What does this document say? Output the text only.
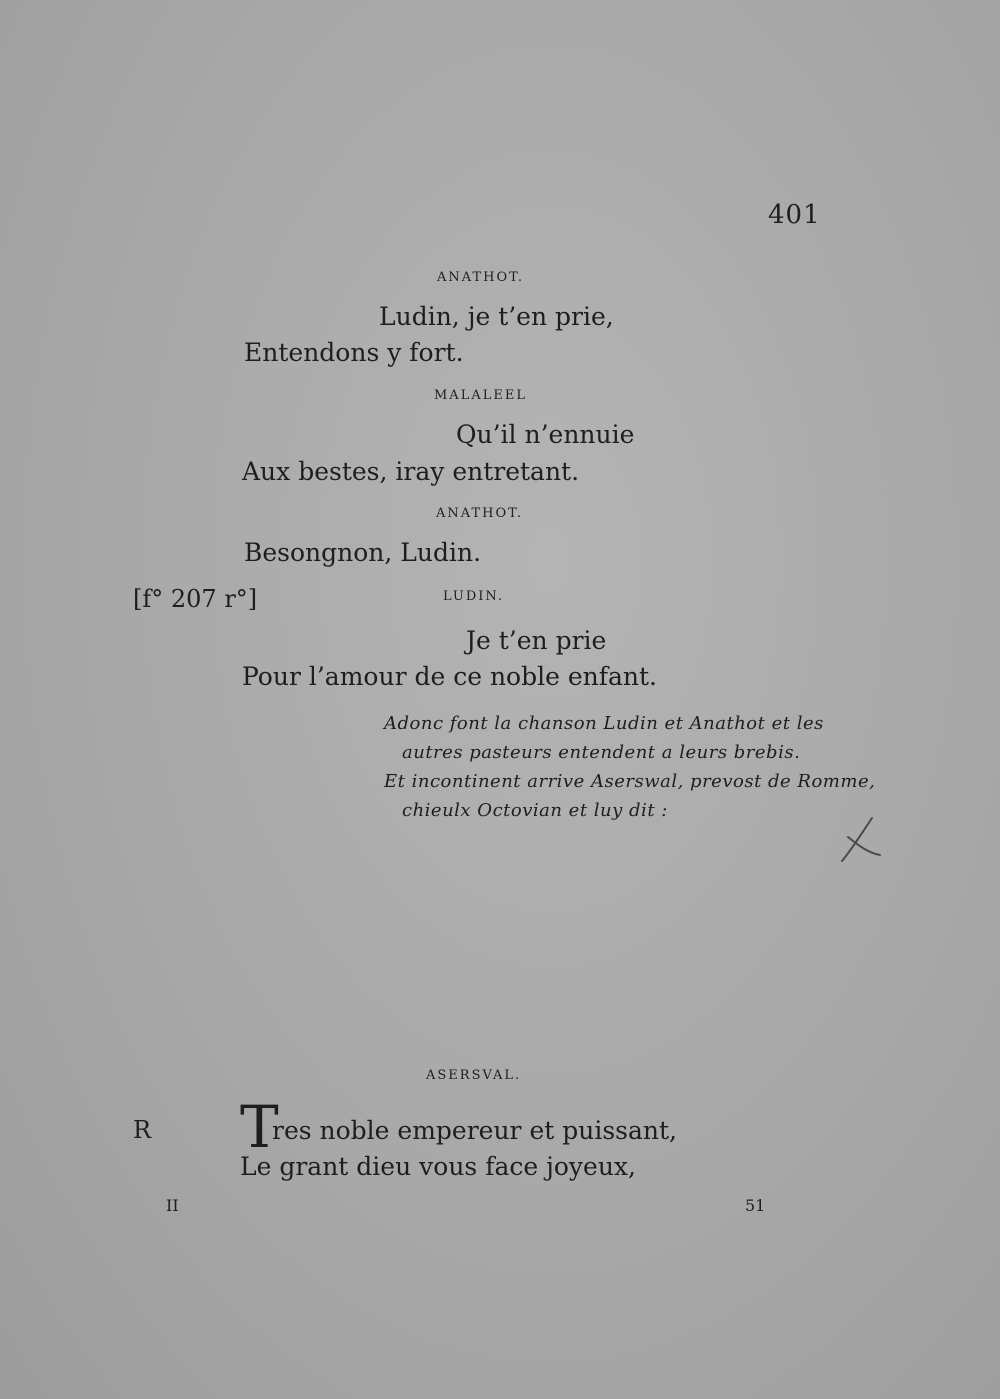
401
ANATHOT.
Ludin, je t’en prie,
Entendons y fort.
MALALEEL
Qu’il n’ennuie
Aux bestes, iray entretant.
ANATHOT.
Besongnon, Ludin.
[f° 207 r°]	LUDIN.
Je t’en prie
Pour l’amour de ce noble enfant.
Adonc font la chanson Ludin et Anathot et les
autres pasteurs entendent a leurs brebis.
Et incontinent arrive Aserswal, prevost de Romme,
chieulx Octovian et luy dit :
ASERSVAL.
R T
res noble empereur et puissant,
Le grant dieu vous face joyeux,
II	51
